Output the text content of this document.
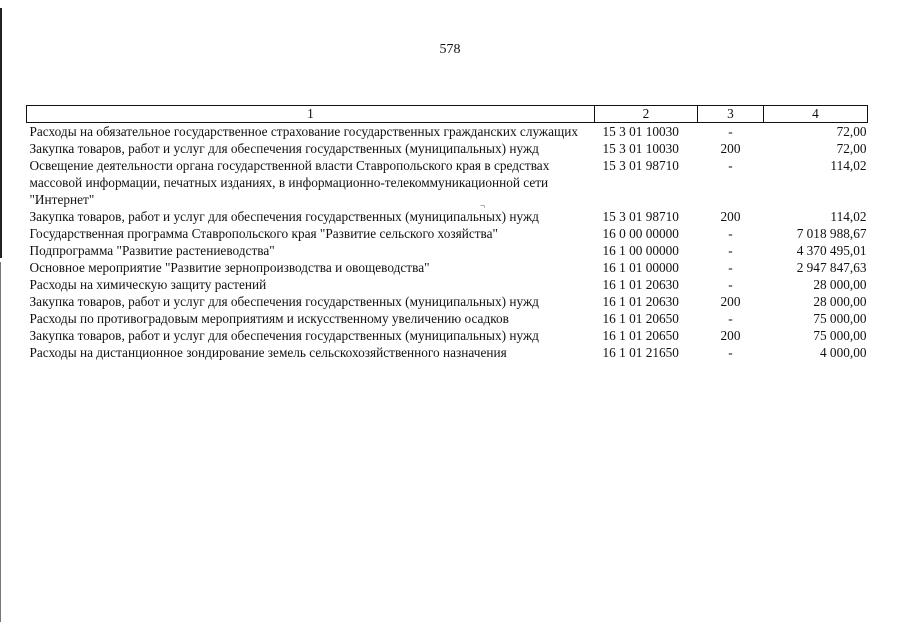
578
¬
1	2	3	4
Расходы на обязательное государственное страхование государственных гражданских служащих	15 3 01 10030	-	72,00
Закупка товаров, работ и услуг для обеспечения государственных (муниципальных) нужд	15 3 01 10030	200	72,00
Освещение деятельности органа государственной власти Ставропольского края в средствах массовой информации, печатных изданиях, в информационно-телекоммуникационной сети "Интернет"	15 3 01 98710	-	114,02
Закупка товаров, работ и услуг для обеспечения государственных (муниципальных) нужд	15 3 01 98710	200	114,02
Государственная программа Ставропольского края "Развитие сельского хозяйства"	16 0 00 00000	-	7 018 988,67
Подпрограмма "Развитие растениеводства"	16 1 00 00000	-	4 370 495,01
Основное мероприятие "Развитие зернопроизводства и овощеводства"	16 1 01 00000	-	2 947 847,63
Расходы на химическую защиту растений	16 1 01 20630	-	28 000,00
Закупка товаров, работ и услуг для обеспечения государственных (муниципальных) нужд	16 1 01 20630	200	28 000,00
Расходы по противоградовым мероприятиям и искусственному увеличению осадков	16 1 01 20650	-	75 000,00
Закупка товаров, работ и услуг для обеспечения государственных (муниципальных) нужд	16 1 01 20650	200	75 000,00
Расходы на дистанционное зондирование земель сельскохозяйственного назначения	16 1 01 21650	-	4 000,00
